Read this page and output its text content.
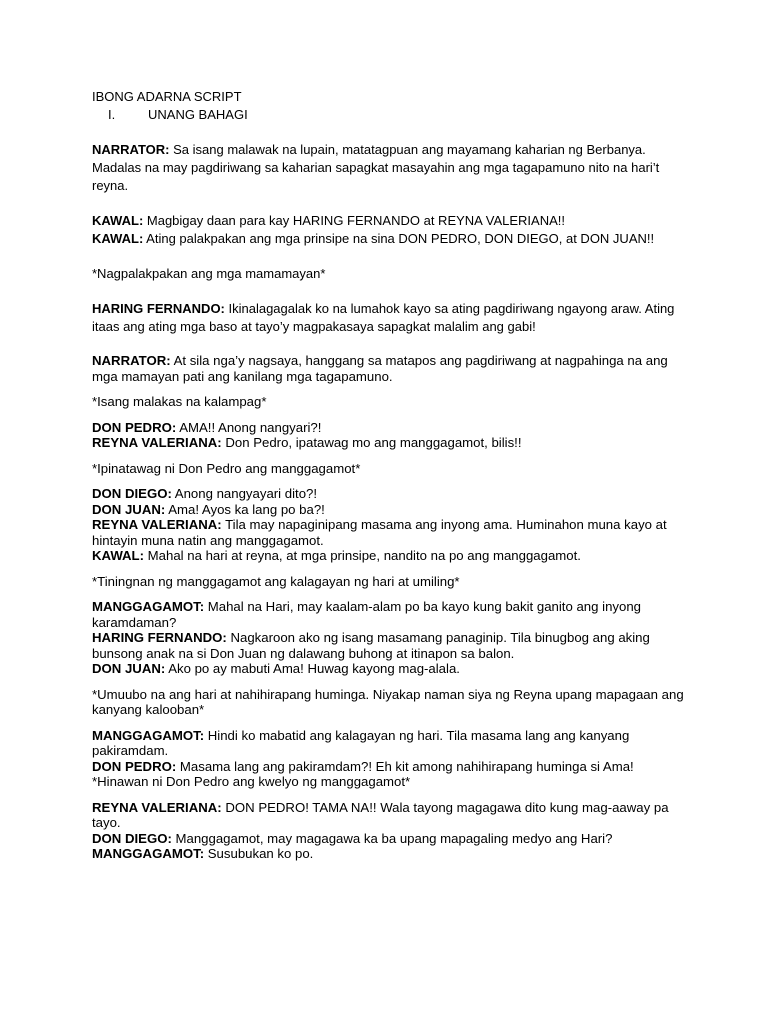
IBONG ADARNA SCRIPT

I.	UNANG BAHAGI

NARRATOR: Sa isang malawak na lupain, matatagpuan ang mayamang kaharian ng Berbanya. Madalas na may pagdiriwang sa kaharian sapagkat masayahin ang mga tagapamuno nito na hari’t reyna.

KAWAL: Magbigay daan para kay HARING FERNANDO at REYNA VALERIANA!!

KAWAL: Ating palakpakan ang mga prinsipe na sina DON PEDRO, DON DIEGO, at DON JUAN!!

*Nagpalakpakan ang mga mamamayan*

HARING FERNANDO: Ikinalagagalak ko na lumahok kayo sa ating pagdiriwang ngayong araw. Ating itaas ang ating mga baso at tayo’y magpakasaya sapagkat malalim ang gabi!

NARRATOR: At sila nga’y nagsaya, hanggang sa matapos ang pagdiriwang at nagpahinga na ang mga mamayan pati ang kanilang mga tagapamuno.

*Isang malakas na kalampag*

DON PEDRO: AMA!! Anong nangyari?!

REYNA VALERIANA: Don Pedro, ipatawag mo ang manggagamot, bilis!!

*Ipinatawag ni Don Pedro ang manggagamot*

DON DIEGO: Anong nangyayari dito?!

DON JUAN: Ama! Ayos ka lang po ba?!

REYNA VALERIANA: Tila may napaginipang masama ang inyong ama. Huminahon muna kayo at hintayin muna natin ang manggagamot.

KAWAL: Mahal na hari at reyna, at mga prinsipe, nandito na po ang manggagamot.

*Tiningnan ng manggagamot ang kalagayan ng hari at umiling*

MANGGAGAMOT: Mahal na Hari, may kaalam-alam po ba kayo kung bakit ganito ang inyong karamdaman?

HARING FERNANDO: Nagkaroon ako ng isang masamang panaginip. Tila binugbog ang aking bunsong anak na si Don Juan ng dalawang buhong at itinapon sa balon.

DON JUAN: Ako po ay mabuti Ama! Huwag kayong mag-alala.

*Umuubo na ang hari at nahihirapang huminga. Niyakap naman siya ng Reyna upang mapagaan ang kanyang kalooban*

MANGGAGAMOT: Hindi ko mabatid ang kalagayan ng hari. Tila masama lang ang kanyang pakiramdam.

DON PEDRO: Masama lang ang pakiramdam?! Eh kit among nahihirapang huminga si Ama!

*Hinawan ni Don Pedro ang kwelyo ng manggagamot*

REYNA VALERIANA: DON PEDRO! TAMA NA!! Wala tayong magagawa dito kung mag-aaway pa tayo.

DON DIEGO: Manggagamot, may magagawa ka ba upang mapagaling medyo ang Hari?

MANGGAGAMOT: Susubukan ko po.
